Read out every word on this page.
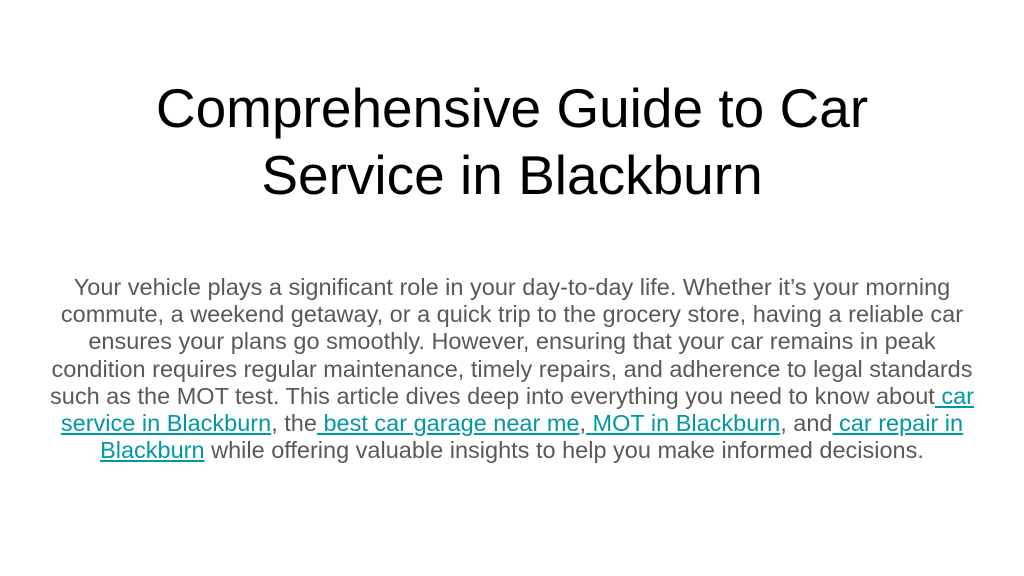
Comprehensive Guide to Car
Service in Blackburn

Your vehicle plays a significant role in your day-to-day life. Whether it’s your morning commute, a weekend getaway, or a quick trip to the grocery store, having a reliable car ensures your plans go smoothly. However, ensuring that your car remains in peak condition requires regular maintenance, timely repairs, and adherence to legal standards such as the MOT test. This article dives deep into everything you need to know about car service in Blackburn, the best car garage near me, MOT in Blackburn, and car repair in Blackburn while offering valuable insights to help you make informed decisions.
